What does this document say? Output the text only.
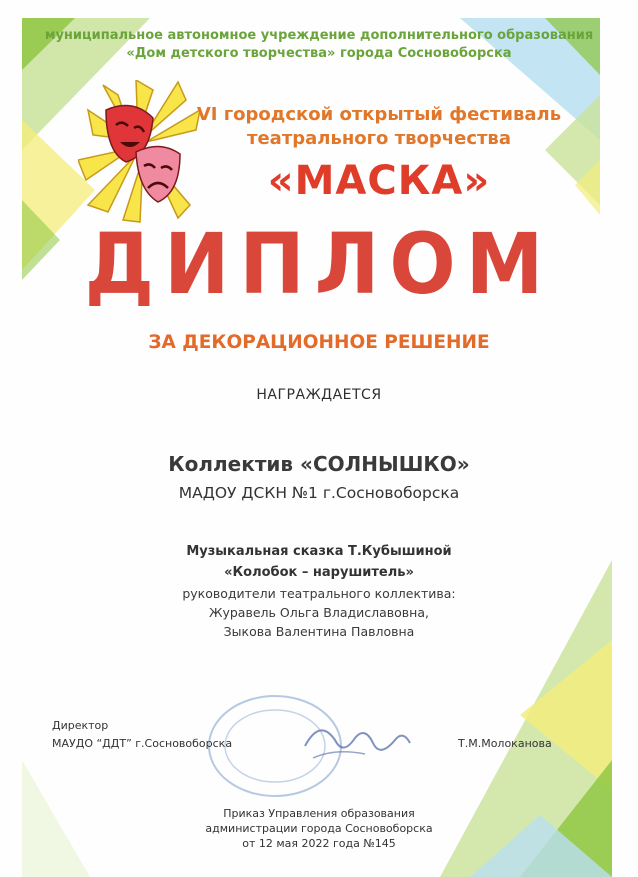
муниципальное автономное учреждение дополнительного образования
«Дом детского творчества» города Сосновоборска
VI городской открытый фестиваль
театрального творчества
«МАСКА»
ДИПЛОМ
ЗА ДЕКОРАЦИОННОЕ РЕШЕНИЕ
НАГРАЖДАЕТСЯ
Коллектив «СОЛНЫШКО»
МАДОУ ДСКН №1 г.Сосновоборска
Музыкальная сказка Т.Кубышиной
«Колобок – нарушитель»
руководители театрального коллектива:
Журавель Ольга Владиславовна,
Зыкова Валентина Павловна
Директор
МАУДО “ДДТ” г.Сосновоборска	Т.М.Молоканова
Приказ Управления образования
администрации города Сосновоборска
от 12 мая 2022 года №145
